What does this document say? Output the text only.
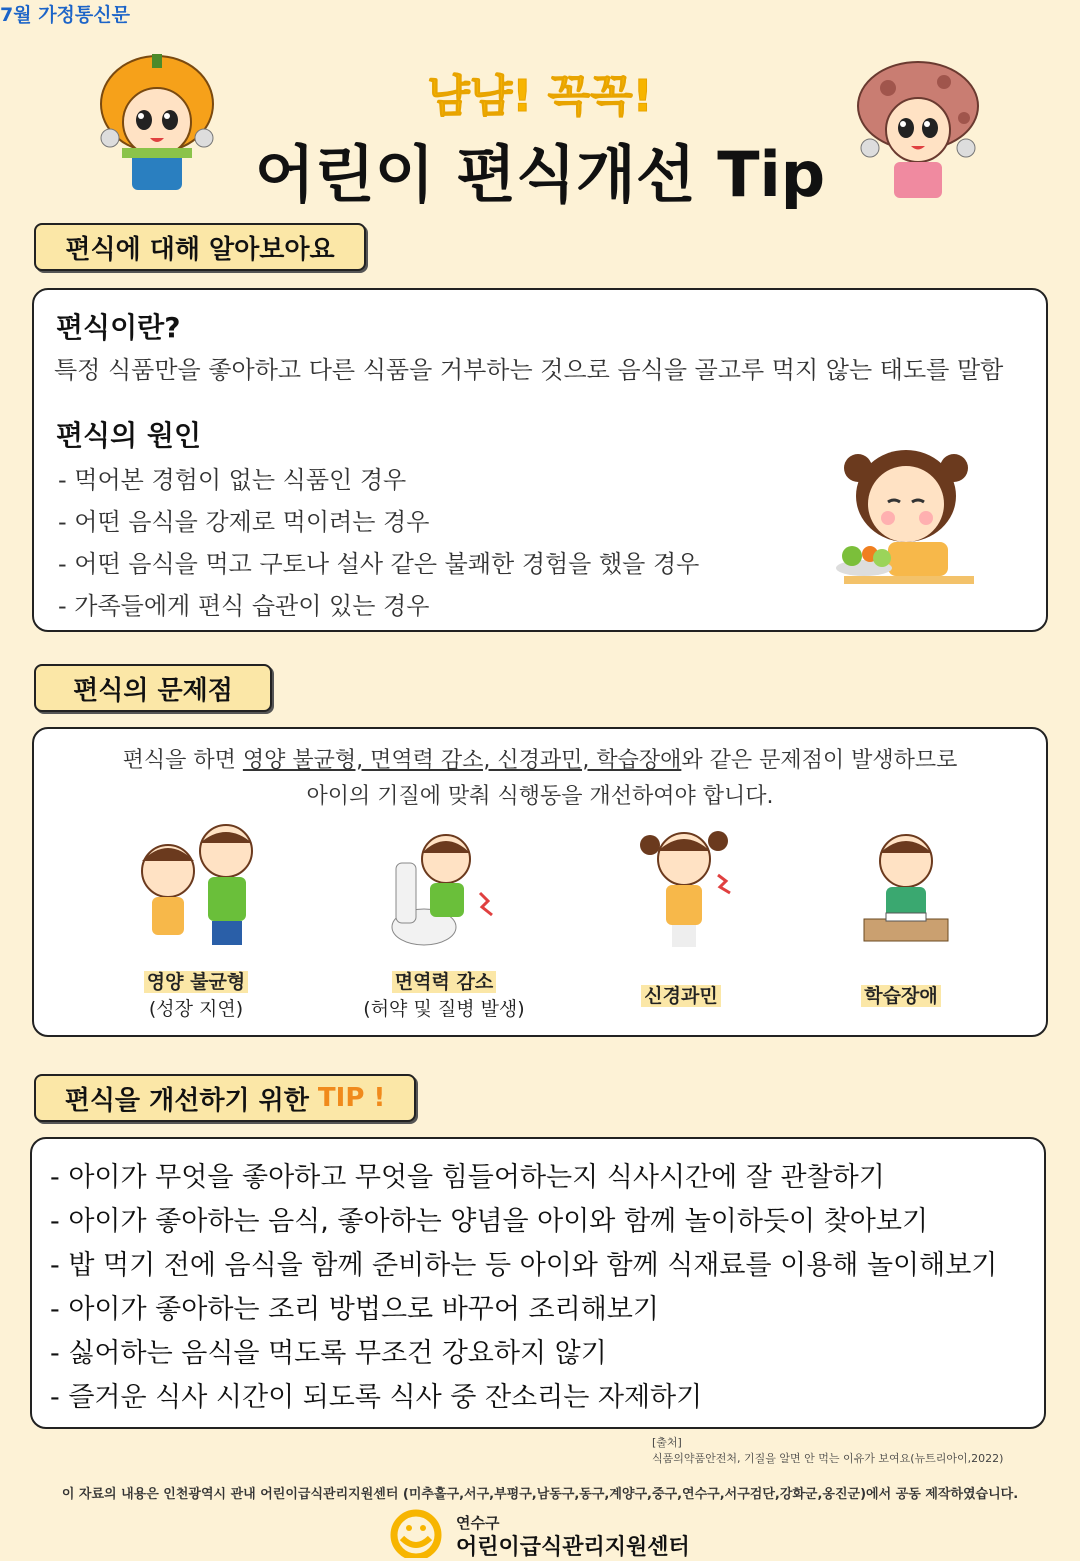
7월 가정통신문
냠냠! 꼭꼭!
어린이 편식개선 Tip
편식에 대해 알아보아요
편식이란?
특정 식품만을 좋아하고 다른 식품을 거부하는 것으로 음식을 골고루 먹지 않는 태도를 말함
편식의 원인
- 먹어본 경험이 없는 식품인 경우
- 어떤 음식을 강제로 먹이려는 경우
- 어떤 음식을 먹고 구토나 설사 같은 불쾌한 경험을 했을 경우
- 가족들에게 편식 습관이 있는 경우
편식의 문제점
편식을 하면 영양 불균형, 면역력 감소, 신경과민, 학습장애와 같은 문제점이 발생하므로
아이의 기질에 맞춰 식행동을 개선하여야 합니다.
영양 불균형
(성장 지연)
면역력 감소
(허약 및 질병 발생)
신경과민	학습장애
편식을 개선하기 위한
TIP !
- 아이가 무엇을 좋아하고 무엇을 힘들어하는지 식사시간에 잘 관찰하기
- 아이가 좋아하는 음식, 좋아하는 양념을 아이와 함께 놀이하듯이 찾아보기
- 밥 먹기 전에 음식을 함께 준비하는 등 아이와 함께 식재료를 이용해 놀이해보기
- 아이가 좋아하는 조리 방법으로 바꾸어 조리해보기
- 싫어하는 음식을 먹도록 무조건 강요하지 않기
- 즐거운 식사 시간이 되도록 식사 중 잔소리는 자제하기
[출처]
식품의약품안전처, 기질을 알면 안 먹는 이유가 보여요(뉴트리아이,2022)
이 자료의 내용은 인천광역시 관내 어린이급식관리지원센터 (미추홀구,서구,부평구,남동구,동구,계양구,중구,연수구,서구검단,강화군,옹진군)에서 공동 제작하였습니다.
연수구
어린이급식관리지원센터
